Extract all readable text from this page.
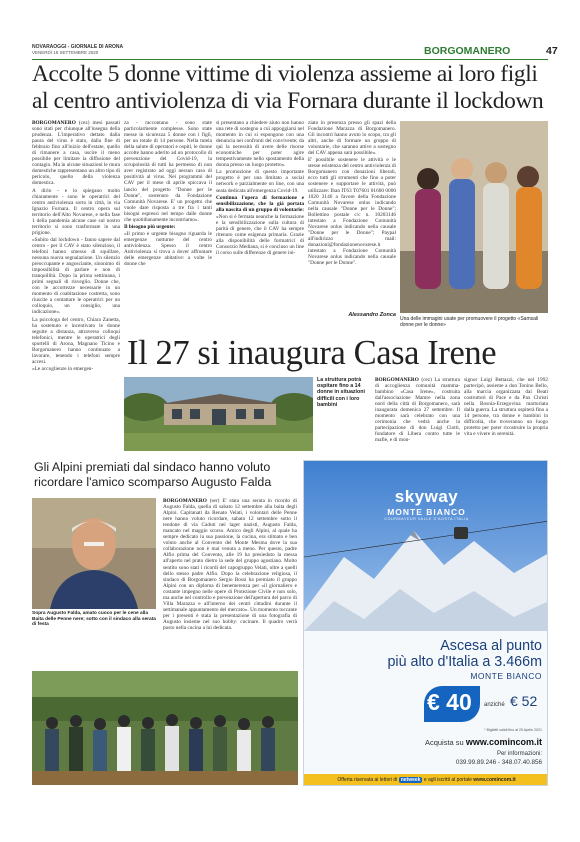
NOVARAOGGI - GIORNALE DI ARONA
VENERDÌ 18 SETTEMBRE 2020	BORGOMANERO	47
Accolte 5 donne vittime di violenza assieme ai loro figli al centro antiviolenza di via Fornara durante il lockdown

BORGOMANERO (cez) mesi passati sono stati per chiunque all'insegna della prudenza. L'imperativo dettato dalla paura del virus è stato, dalla fine di febbraio fino all'inizio dell'estate, quello di rimanere a casa, uscire il meno possibile per limitare la diffusione del contagio. Ma in alcune situazioni le mura domestiche rappresentano un altro tipo di pericolo, quello della violenza domestica.

A dirlo - e lo spiegano molto chiaramente - sono le operatrici del centro antiviolenza sorto in città, in via Ignazio Fornara. Il centro opera sul territorio dell'Alto Novarese, e nella fase 1 della pandemia alcune case sul nostro territorio si sono trasformate in una prigione.

«Subito dal lockdown - fanno sapere dal centro - per il CAV è stato silenzioso, il telefoni hanno smesso di squillare, nessuna nuova segnalazione. Un silenzio preoccupante e angosciante, sinonimo di impossibilità di parlare e non di tranquillità. Dopo la prima settimana, i primi segnali di risveglio. Donne che, con le accortezze necessarie in un momento di coabitazione costretta, sono riuscite a contattare le operatrici per un colloquio, un consiglio, una indicazione».

La psicologa del centro, Chiara Zanetta, ha sostenuto e incentivato le donne seguite a distanza, attraverso colloqui telefonici, mentre le operatrici degli sportelli di Arona, Magnano Ticino e Borgomanero hanno continuato a lavorare, tenendo i telefoni sempre accesi.

«Le accoglienze in emergen-

za - raccontano - sono state particolarmente complesse. Sono state messe in sicurezza 5 donne con i figli, per un totale di 14 persone. Nella tutela della salute di operatori e ospiti, le donne accolte hanno aderito ad un protocollo di prevenzione del Covid-19, la scrupolosità di tutti ha permesso di non aver registrato ad oggi nessun caso di positività al virus. Nei programmi del CAV per il mese di aprile spiccava il lancio del progetto "Donne per le Donne", sostenuto da Fondazione Comunità Novarese. E' un progetto che vuole dare risposta a tre fra i tanti bisogni espressi nel tempo dalle donne che quotidianamente incontriamo».

Il bisogno più urgente:

«Il primo e urgente bisogno riguarda le emergenze notturne del centro antiviolenza. Spesso il centro Antiviolenza si trova a dover affrontare delle emergenze abitative: a volte le donne che

si presentano a chiedere aiuto non hanno una rete di sostegno a cui appoggiarsi nel momento in cui si espongono con una denuncia nei confronti del convivente; da qui la necessità di avere delle risorse economiche per poter agire tempestivamente nello spostamento della donna presso un luogo protetto».

La promozione di questo importante progetto è per una limitato a social network e parzialmente on line, con una seata dedicata all'emergenza Covid-19.

Continua l'opera di formazione e sensibilizzazione, che la già portata alla nascita di un gruppo di volontarie:

«Non si è fermata neanche la formazione e la sensibilizzazione sulla cultura di parità di genere, che il CAV ha sempre ritenuto come esigenza primaria. Grazie alla disponibilità delle formatrici di Consorzio Mediana, si è concluso un line il corso sulle differenze di genere ini-

ziato in presenza presso gli spazi della Fondazione Marazza di Borgomanero. Gli incontri hanno avuto lo scopo, tra gli altri, anche di formare un gruppo di volontarie, che saranno attive a sostegno del CAV appena sarà possibile».

E' possibile sostenere le attività e le stesse esistenza del centro antiviolenza di Borgomanero con donazioni liberali, ecco tutti gli strumenti che fino a poter sostenere e supportare le attività, può utilizzare: Iban IT63 T07601 01600 0000 1020 3146 a favore della Fondazione Comunità Novarese onlus indicando nella causale "Donne per le Donne"; Bollettino postale c/c n. 10203146 intestato a Fondazione Comunità Novarese onlus indicando nella causale "Donne per le Donne"; Paypal all'indirizzo mail: donazioni@fondazionenovarese.it intestato a Fondazione Comunità Novarese onlus indicando nella causale "Donne per le Donne".

Alessandro Zonca
Una delle immagini usate per promuovere il progetto «Samsali donne per le donne»
Il 27 si inaugura Casa Irene
La struttura potrà ospitare fino a 14 donne in situazioni difficili con i loro bambini

BORGOMANERO (cez) La struttura di accoglienza comunità mamma-bambino «Casa Irene», costruita dall'associazione Mamre nella zona nord della città di Borgomanero, sarà inaugurata domenica 27 settembre. Il momento sarà celebrato con una cerimonia che vedrà anche la partecipazione di don Luigi Ciotti, fondatore di Libera contro tutte le mafie, e di mon-

signor Luigi Bettazzi, che nel 1992 partecipò, assieme a don Tonino Bello, alla marcia organizzata dai Beati costruttori di Pace e da Pax Christi nella Bosnia-Erzegovina martoriata dalla guerra. La struttura ospiterà fino a 14 persone, tra donne e bambini in difficoltà, che troveranno un luogo protetto per poter ricostruire la propria vita e vivere in serenità.

Gli Alpini premiati dal sindaco hanno voluto ricordare l'amico scomparso Augusto Falda
Sopra Augusto Falda, amato cuoco per le cene alla Baita delle Penne nere; sotto con il sindaco alla serata di festa

BORGOMANERO (ser) E' stata una serata in ricordo di Augusto Falda, quella di sabato 12 settembre alla baita degli Alpini. Capitanati da Renato Velati, i volontari delle Penne nere hanno voluto ricordare, sabato 12 settembre sotto il tendone di via Caduti nei lager nazisti, Augusto Falda, mancato nel maggio scorso. Amico degli Alpini, al quale ha sempre dedicato la sua passione, la cucina, era stimato e ben voluto anche al Convento del Monte Mesma dove la sua collaborazione non è mai venuta a meno. Per questo, padre Alfio prima del Convento, alle 19 ha presieduto la messa all'aperto nel prato dietro la sede del gruppo agostiano. Molto sentito sono stati i ricordi del capogruppo Velati, oltre a quelli dello stesso padre Alfio. Dopo la celebrazione religiosa, il sindaco di Borgomanero Sergio Bossi ha premiato il gruppo Alpini con un diploma di benemerenza per «il giornaliero e costante impegno nelle opere di Protezione Civile e non solo, ma anche nel controllo e prevenzione dell'apertura del parco di Villa Marazza e all'interno dei centri cittadini durante il settimanale appuntamento del mercato». Un momento toccante per i presenti è stata la presentazione di una fotografia di Augusto insieme nel suo hobby: cucinare. Il quadro verrà posto nella cucina a lui dedicata.

skyway
MONTE BIANCO
COURMAYEUR VALLE D'AOSTA ITALIA
Ascesa al punto
più alto d'Italia a 3.466m
MONTE BIANCO
€ 40 *
anziché € 52
* Biglietti validi fino al 20 Aprile 2021
Acquista su www.comincom.it
Per informazioni:
039.99.89.246 - 348.07.40.856
Offerta riservata ai lettori di netweek e agli iscritti al portale www.comincom.it
